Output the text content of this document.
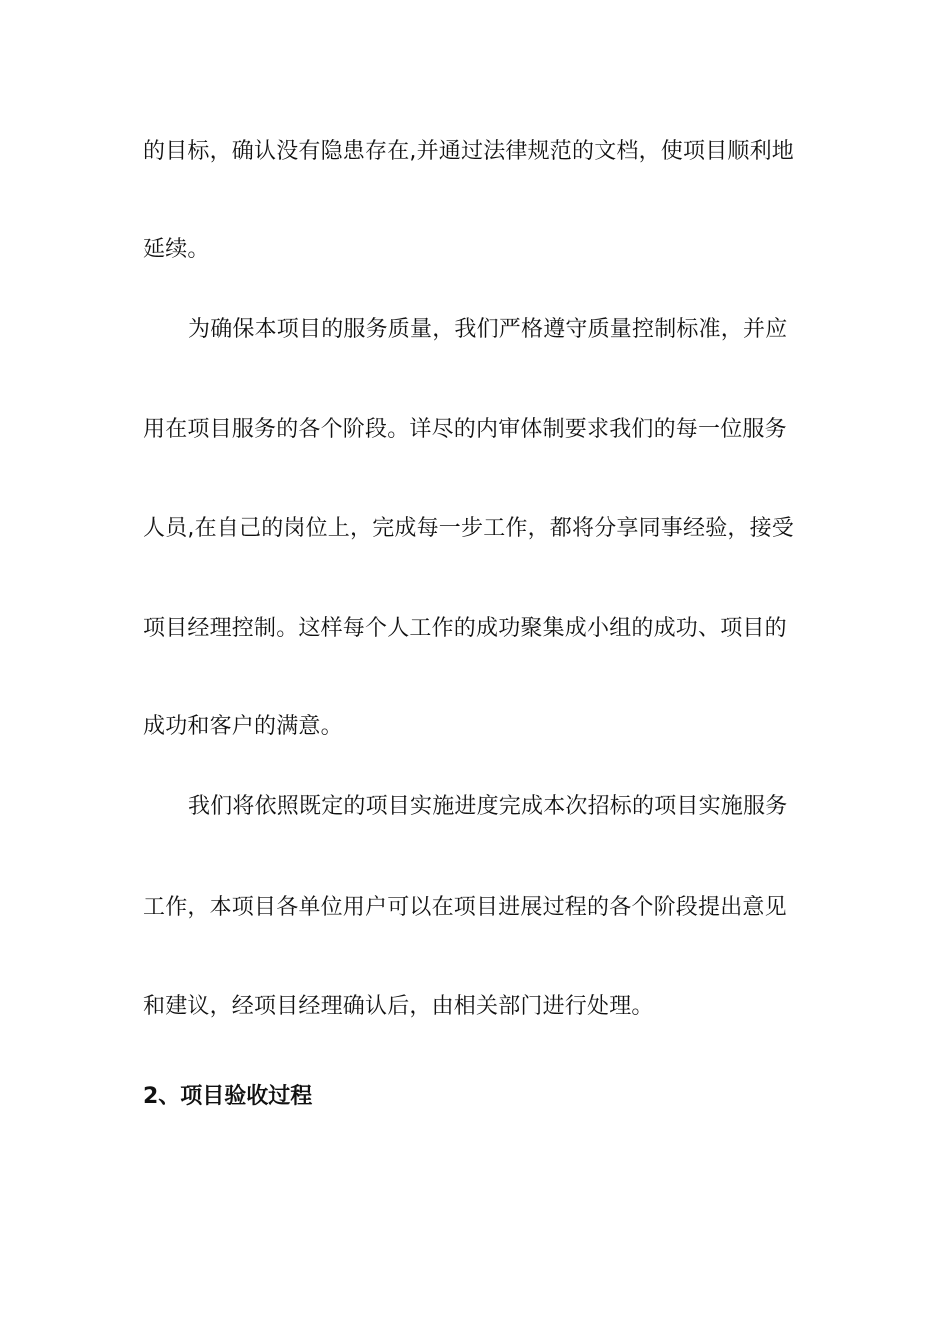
的目标，确认没有隐患存在,并通过法律规范的文档，使项目顺利地
延续。
为确保本项目的服务质量，我们严格遵守质量控制标准，并应
用在项目服务的各个阶段。详尽的内审体制要求我们的每一位服务
人员,在自己的岗位上，完成每一步工作，都将分享同事经验，接受
项目经理控制。这样每个人工作的成功聚集成小组的成功、项目的
成功和客户的满意。
我们将依照既定的项目实施进度完成本次招标的项目实施服务
工作，本项目各单位用户可以在项目进展过程的各个阶段提出意见
和建议，经项目经理确认后，由相关部门进行处理。
2、项目验收过程
